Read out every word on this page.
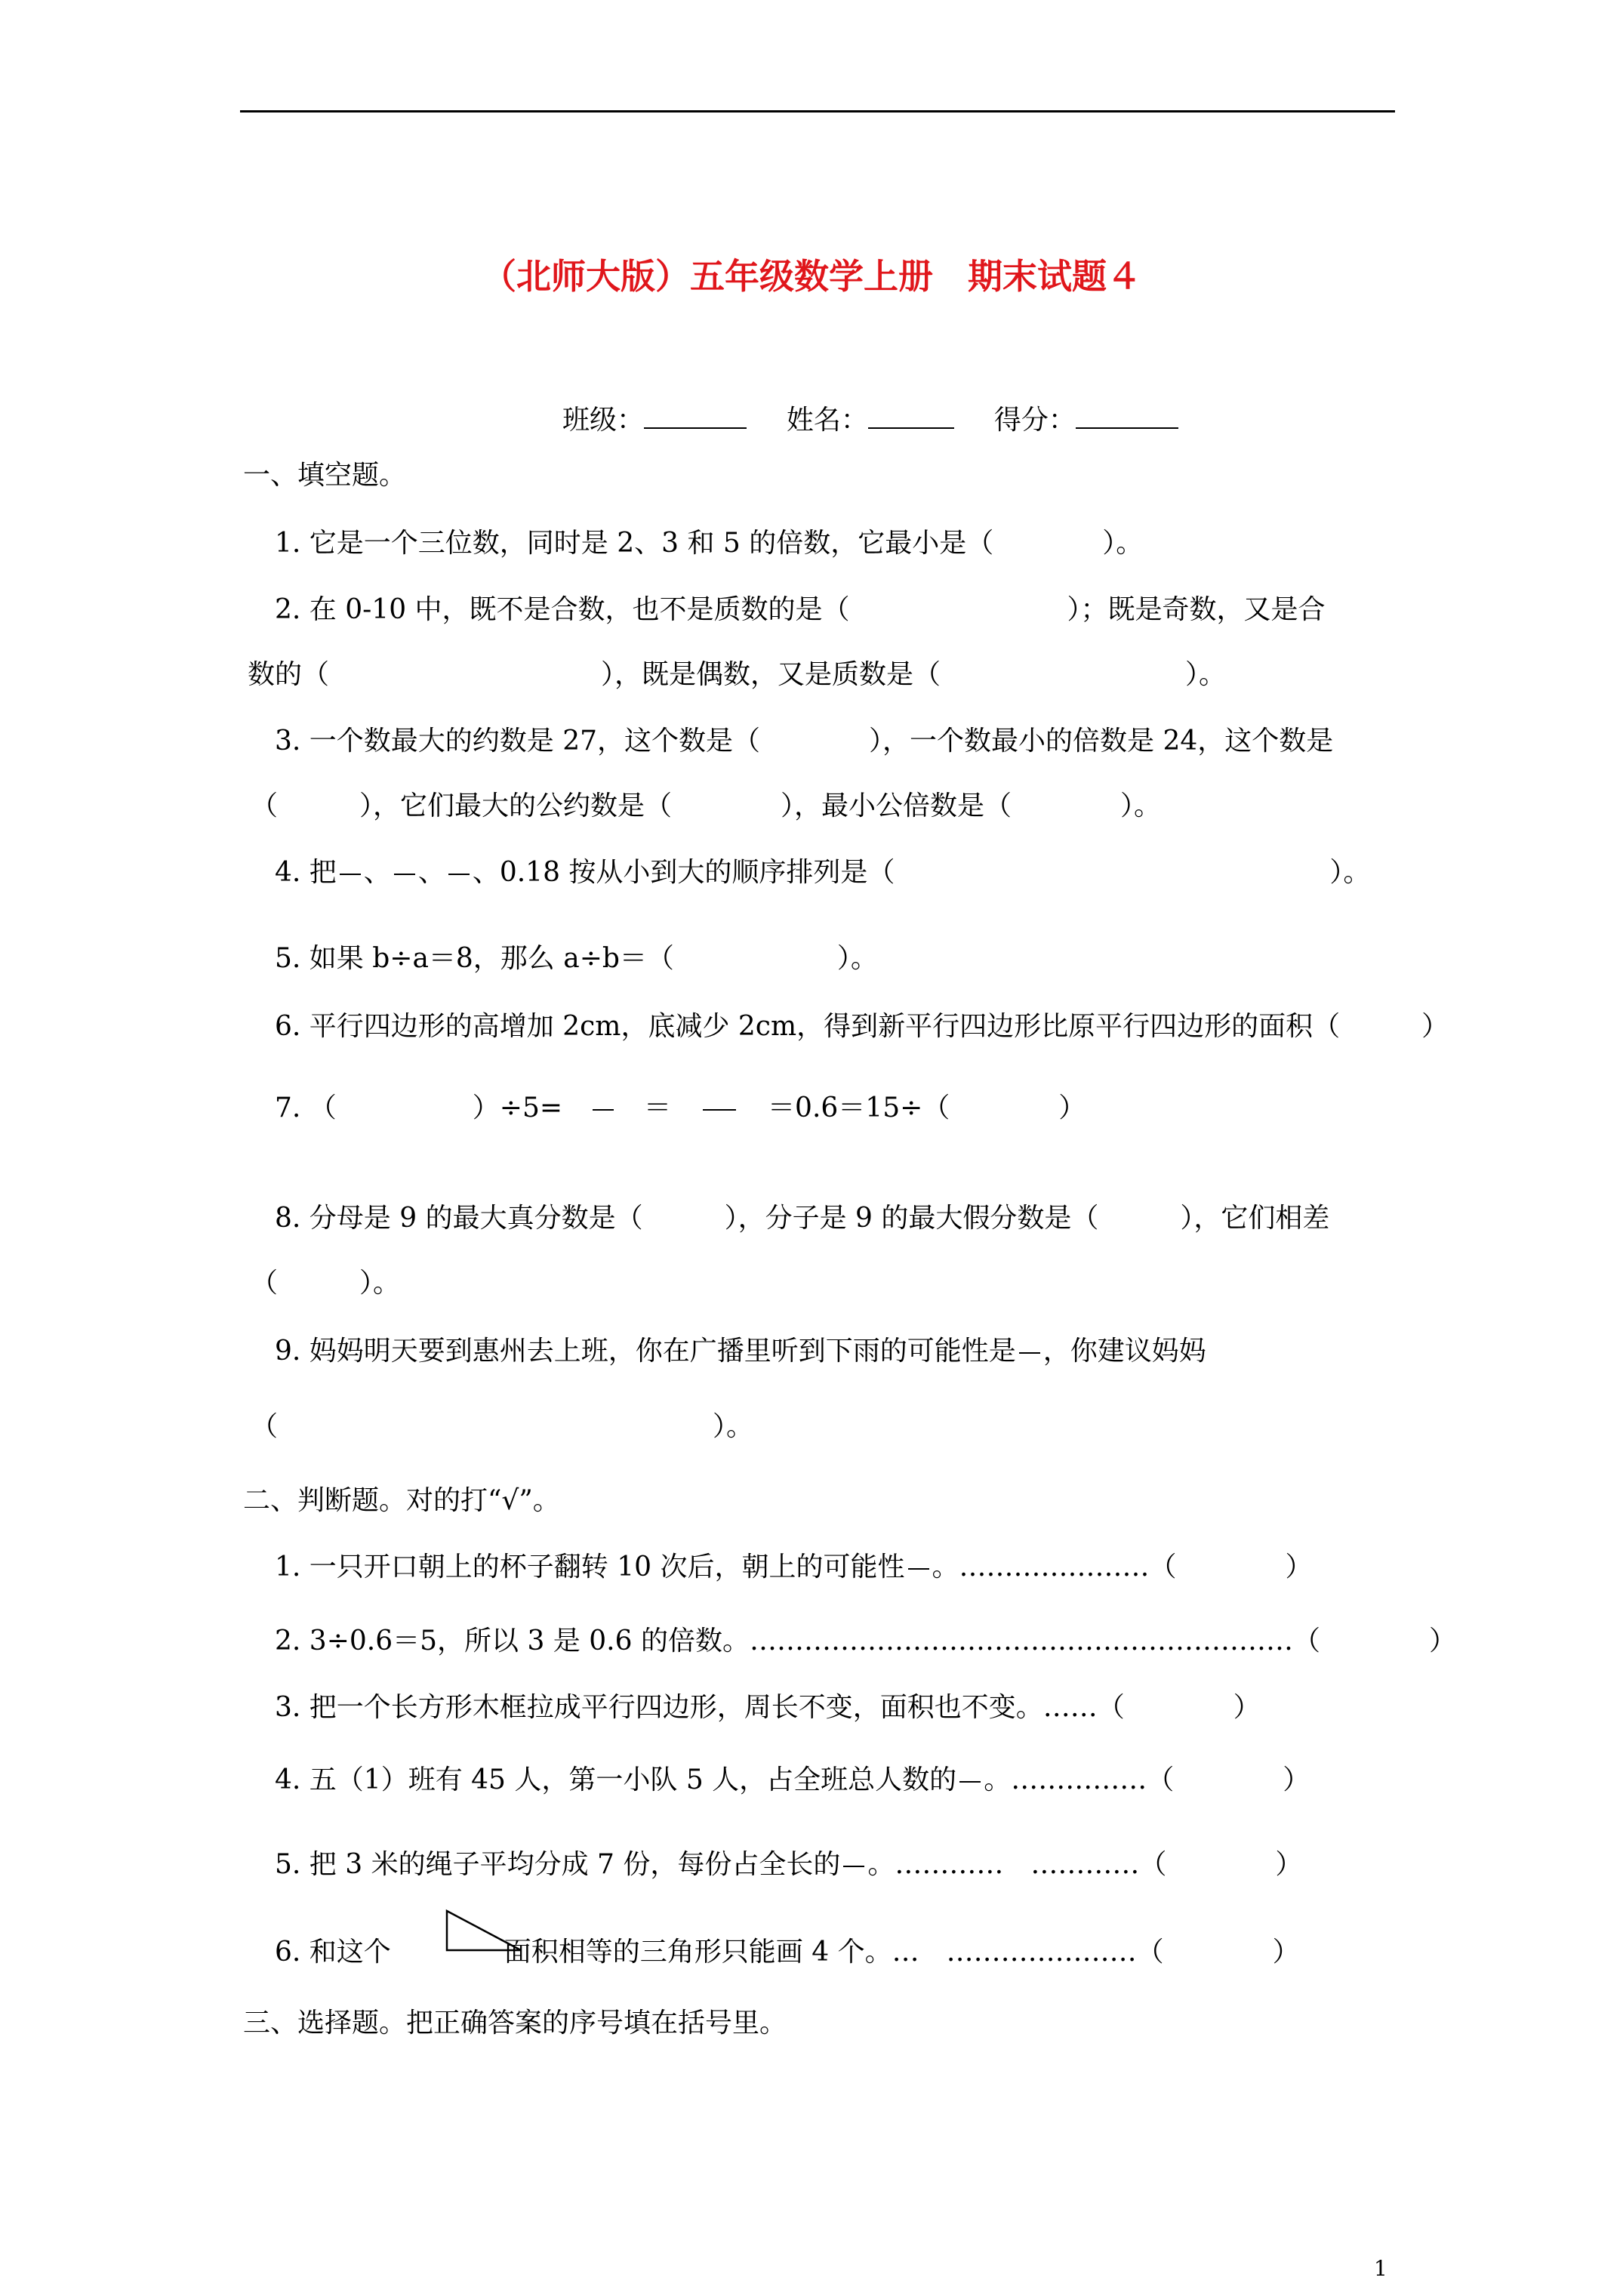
（北师大版）五年级数学上册　期末试题４
班级：	姓名：	得分：
一、填空题。
1. 它是一个三位数，同时是 2、3 和 5 的倍数，它最小是（　　　　）。
2. 在 0-10 中，既不是合数，也不是质数的是（　　　　　　　　）；既是奇数，又是合
数的（　　　　　　　　　　），既是偶数，又是质数是（　　　　　　　　　）。
3. 一个数最大的约数是 27，这个数是（　　　　），一个数最小的倍数是 24，这个数是
（　　　），它们最大的公约数是（　　　　），最小公倍数是（　　　　）。
4. 把 、 、 、0.18 按从小到大的顺序排列是（　　　　　　　　　　　　　　　　）。
5. 如果 b÷a＝8，那么 a÷b＝（　　　　　　）。
6. 平行四边形的高增加 2cm，底减少 2cm，得到新平行四边形比原平行四边形的面积（　　　）
7. （　　　　　）÷5=	＝	＝0.6＝15÷（　　　　）
8. 分母是 9 的最大真分数是（　　　），分子是 9 的最大假分数是（　　　），它们相差
（　　　）。
9. 妈妈明天要到惠州去上班，你在广播里听到下雨的可能性是 ，你建议妈妈
（　　　　　　　　　　　　　　　　）。
二、判断题。对的打“√”。
1. 一只开口朝上的杯子翻转 10 次后，朝上的可能性 。…………………（　　　　）
2. 3÷0.6＝5，所以 3 是 0.6 的倍数。……………………………………………………（　　　　）
3. 把一个长方形木框拉成平行四边形，周长不变，面积也不变。……（　　　　）
4. 五（1）班有 45 人，第一小队 5 人，占全班总人数的 。……………（　　　　）
5. 把 3 米的绳子平均分成 7 份，每份占全长的 。…………　…………（　　　　）
6. 和这个	面积相等的三角形只能画 4 个。…　…………………（　　　　）
三、选择题。把正确答案的序号填在括号里。
1
